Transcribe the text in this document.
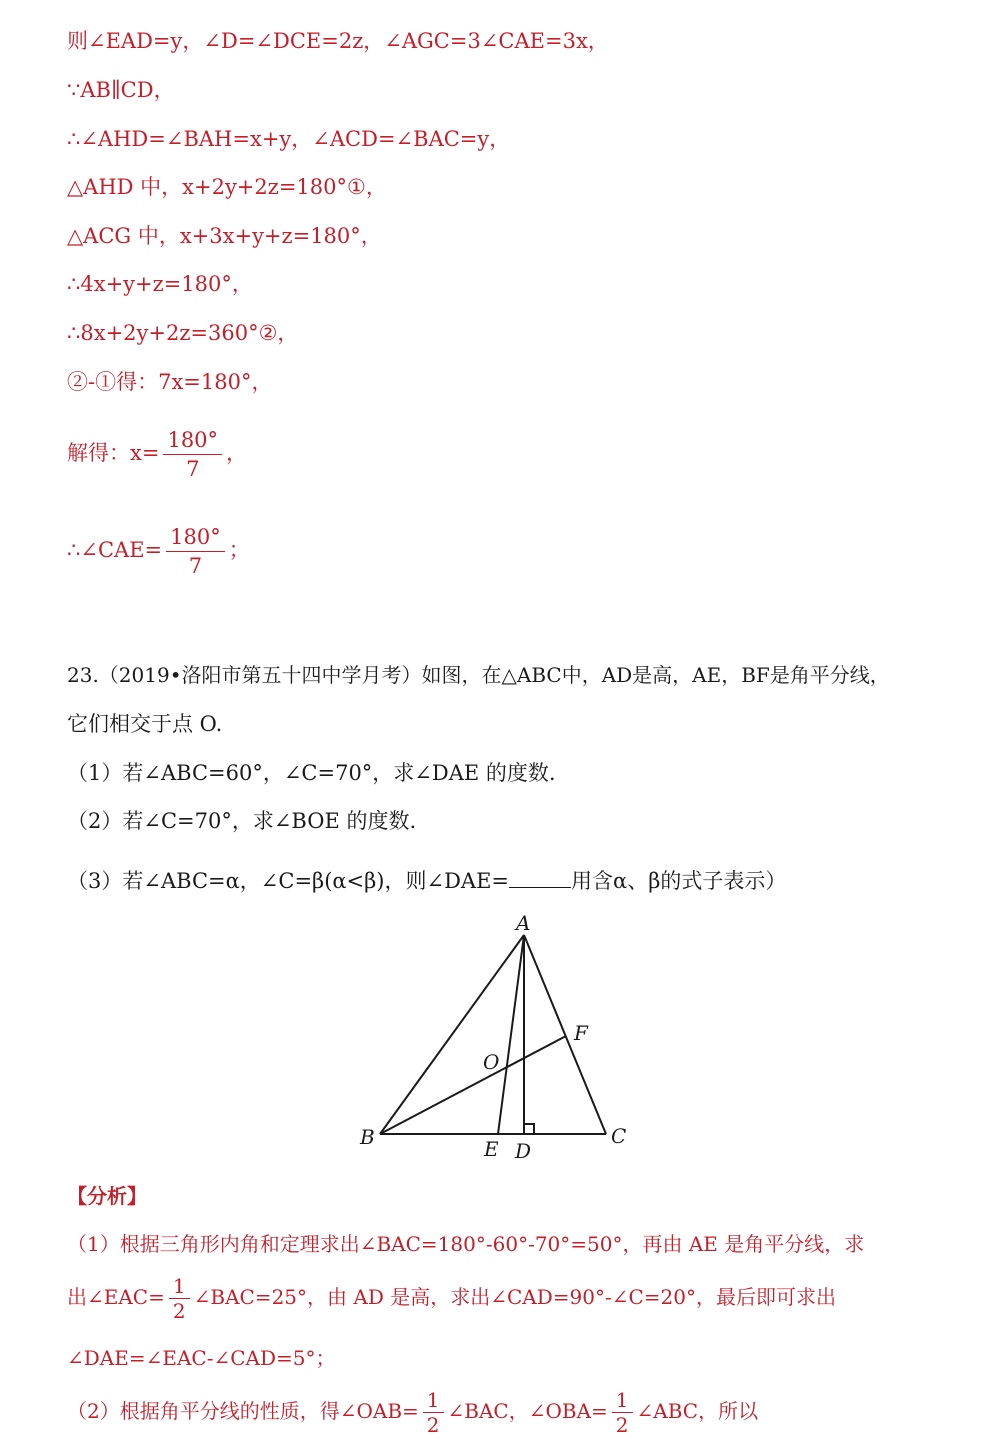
则∠EAD=y，∠D=∠DCE=2z，∠AGC=3∠CAE=3x，
∵AB∥CD，
∴∠AHD=∠BAH=x+y，∠ACD=∠BAC=y，
△AHD 中，x+2y+2z=180°①，
△ACG 中，x+3x+y+z=180°，
∴4x+y+z=180°，
∴8x+2y+2z=360°②，
②-①得：7x=180°，
解得：$x= \frac{180^\circ}{7}$ ，
∴∠CAE= $\frac{180^\circ}{7}$ ；
23.（2019•洛阳市第五十四中学月考）如图，在△ABC中，AD是高，AE，BF是角平分线，
它们相交于点 O.
（1）若∠ABC=60°，∠C=70°，求∠DAE 的度数.
（2）若∠C=70°，求∠BOE 的度数.
（3）若∠ABC=α，∠C=β(α<β)，则∠DAE=	用含α、β的式子表示）
A
B	C
D
E
F
O
【分析】
（1）根据三角形内角和定理求出∠BAC=180°-60°-70°=50°，再由 AE 是角平分线，求
出∠EAC= $\frac{1}{2}$ ∠BAC=25°，由 AD 是高，求出∠CAD=90°-∠C=20°，最后即可求出
∠DAE=∠EAC-∠CAD=5°；
（2）根据角平分线的性质，得∠OAB= $\frac{1}{2}$ ∠BAC，∠OBA= $\frac{1}{2}$ ∠ABC，所以
